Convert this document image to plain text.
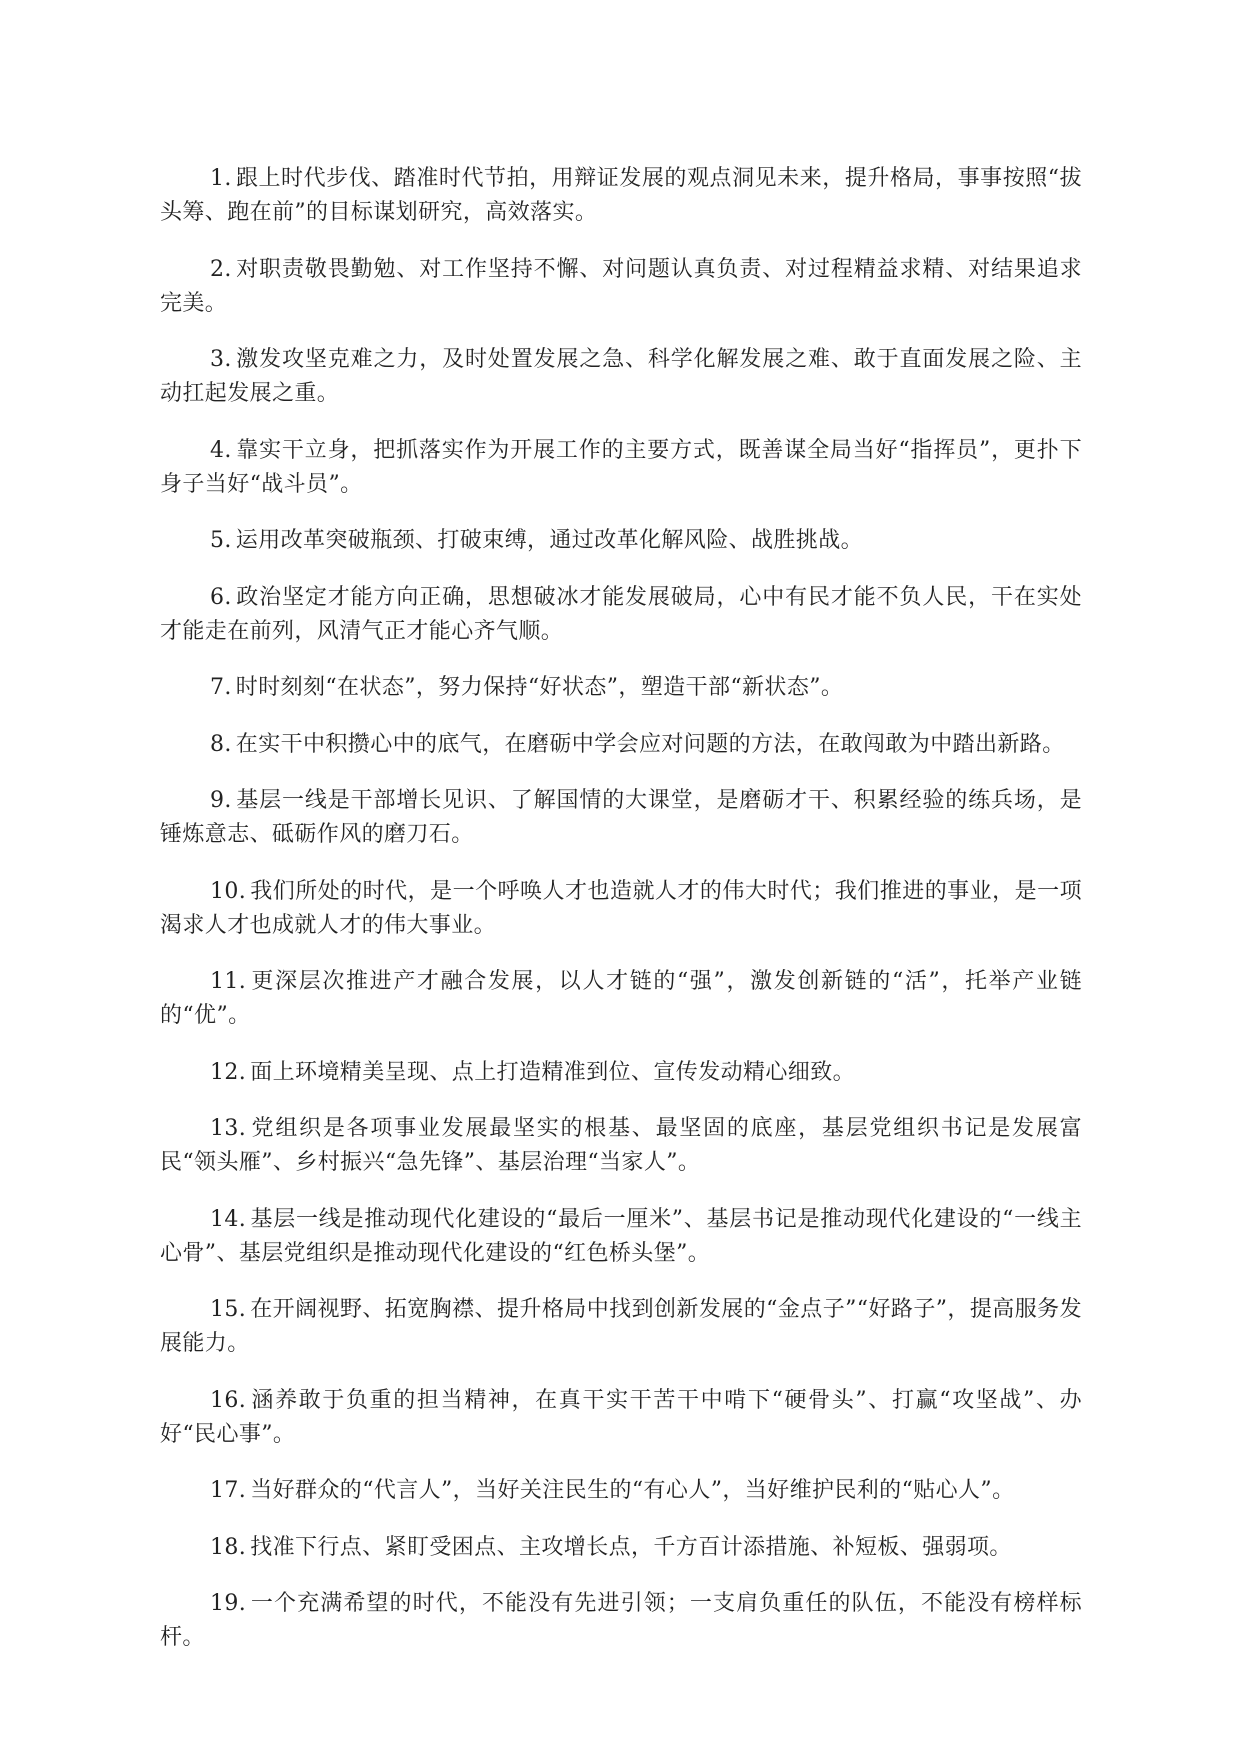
1. 跟上时代步伐、踏准时代节拍，用辩证发展的观点洞见未来，提升格局，事事按照“拔头筹、跑在前”的目标谋划研究，高效落实。

2. 对职责敬畏勤勉、对工作坚持不懈、对问题认真负责、对过程精益求精、对结果追求完美。

3. 激发攻坚克难之力，及时处置发展之急、科学化解发展之难、敢于直面发展之险、主动扛起发展之重。

4. 靠实干立身，把抓落实作为开展工作的主要方式，既善谋全局当好“指挥员”，更扑下身子当好“战斗员”。

5. 运用改革突破瓶颈、打破束缚，通过改革化解风险、战胜挑战。

6. 政治坚定才能方向正确，思想破冰才能发展破局，心中有民才能不负人民，干在实处才能走在前列，风清气正才能心齐气顺。

7. 时时刻刻“在状态”，努力保持“好状态”，塑造干部“新状态”。

8. 在实干中积攒心中的底气，在磨砺中学会应对问题的方法，在敢闯敢为中踏出新路。

9. 基层一线是干部增长见识、了解国情的大课堂，是磨砺才干、积累经验的练兵场，是锤炼意志、砥砺作风的磨刀石。

10. 我们所处的时代，是一个呼唤人才也造就人才的伟大时代；我们推进的事业，是一项渴求人才也成就人才的伟大事业。

11. 更深层次推进产才融合发展，以人才链的“强”，激发创新链的“活”，托举产业链的“优”。

12. 面上环境精美呈现、点上打造精准到位、宣传发动精心细致。

13. 党组织是各项事业发展最坚实的根基、最坚固的底座，基层党组织书记是发展富民“领头雁”、乡村振兴“急先锋”、基层治理“当家人”。

14. 基层一线是推动现代化建设的“最后一厘米”、基层书记是推动现代化建设的“一线主心骨”、基层党组织是推动现代化建设的“红色桥头堡”。

15. 在开阔视野、拓宽胸襟、提升格局中找到创新发展的“金点子”“好路子”，提高服务发展能力。

16. 涵养敢于负重的担当精神，在真干实干苦干中啃下“硬骨头”、打赢“攻坚战”、办好“民心事”。

17. 当好群众的“代言人”，当好关注民生的“有心人”，当好维护民利的“贴心人”。

18. 找准下行点、紧盯受困点、主攻增长点，千方百计添措施、补短板、强弱项。

19. 一个充满希望的时代，不能没有先进引领；一支肩负重任的队伍，不能没有榜样标杆。
